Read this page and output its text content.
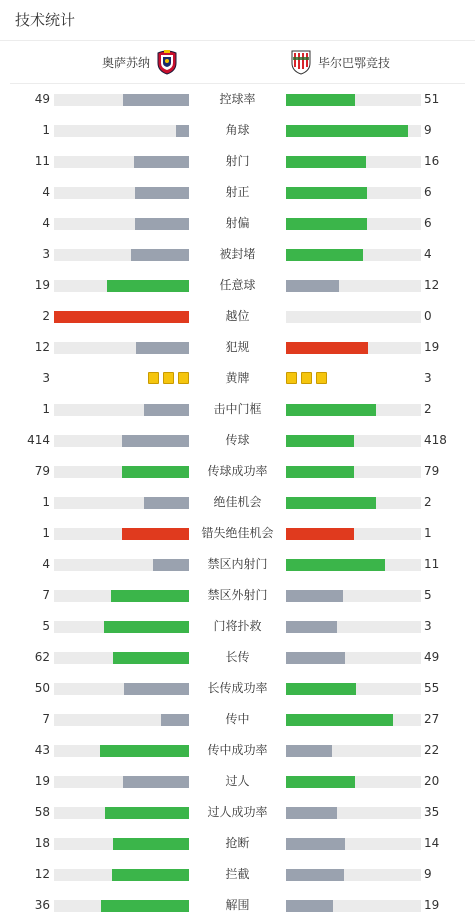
技术统计
奥萨苏纳	毕尔巴鄂竞技
49	控球率	51
1	角球	9
11	射门	16
4	射正	6
4	射偏	6
3	被封堵	4
19	任意球	12
2	越位	0
12	犯规	19
3	黄牌	3
1	击中门框	2
414	传球	418
79	传球成功率	79
1	绝佳机会	2
1	错失绝佳机会	1
4	禁区内射门	11
7	禁区外射门	5
5	门将扑救	3
62	长传	49
50	长传成功率	55
7	传中	27
43	传中成功率	22
19	过人	20
58	过人成功率	35
18	抢断	14
12	拦截	9
36	解围	19
